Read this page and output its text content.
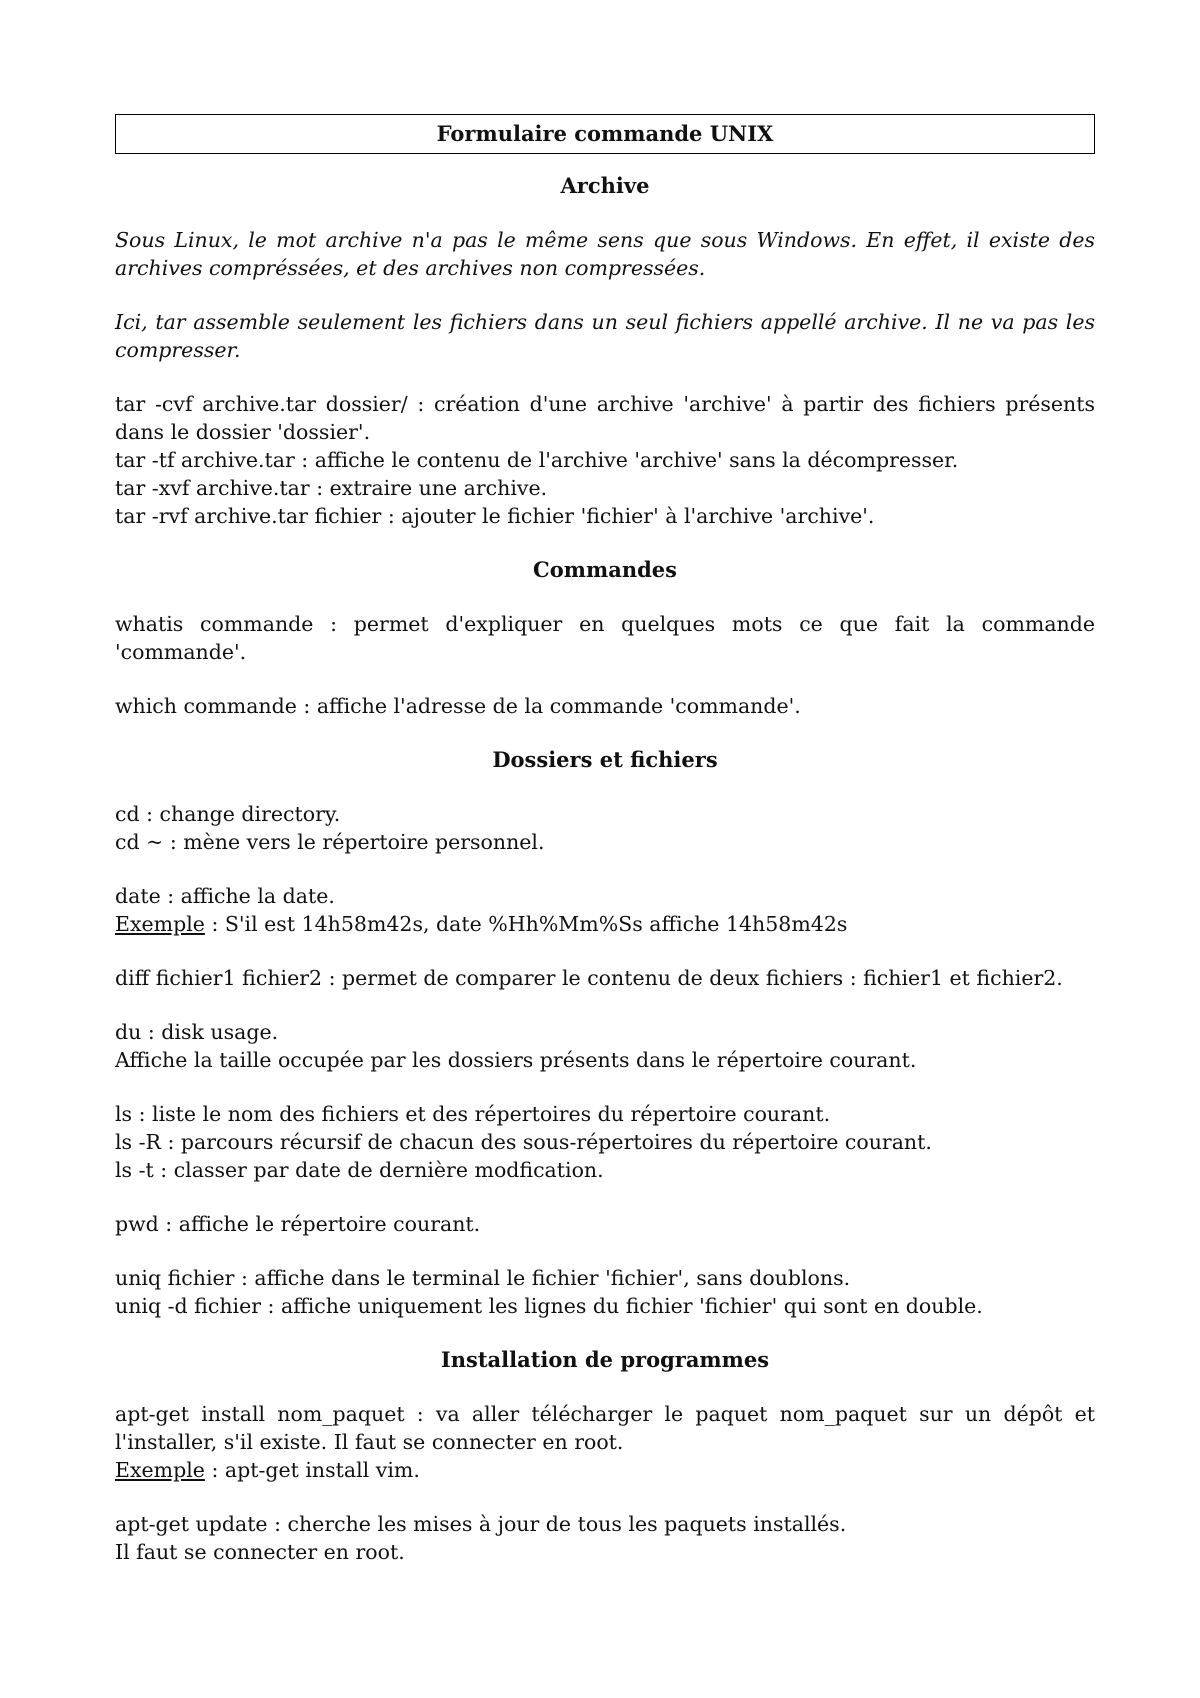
Formulaire commande UNIX
Archive

Sous Linux, le mot archive n'a pas le même sens que sous Windows. En effet, il existe des archives compréssées, et des archives non compressées.

Ici, tar assemble seulement les fichiers dans un seul fichiers appellé archive. Il ne va pas les compresser.

tar -cvf archive.tar dossier/ : création d'une archive 'archive' à partir des fichiers présents dans le dossier 'dossier'.
tar -tf archive.tar : affiche le contenu de l'archive 'archive' sans la décompresser.
tar -xvf archive.tar : extraire une archive.
tar -rvf archive.tar fichier : ajouter le fichier 'fichier' à l'archive 'archive'.

Commandes

whatis commande : permet d'expliquer en quelques mots ce que fait la commande 'commande'.

which commande : affiche l'adresse de la commande 'commande'.

Dossiers et fichiers

cd : change directory.
cd ~ : mène vers le répertoire personnel.

date : affiche la date.
Exemple : S'il est 14h58m42s, date %Hh%Mm%Ss affiche 14h58m42s

diff fichier1 fichier2 : permet de comparer le contenu de deux fichiers : fichier1 et fichier2.

du : disk usage.
Affiche la taille occupée par les dossiers présents dans le répertoire courant.

ls : liste le nom des fichiers et des répertoires du répertoire courant.
ls -R : parcours récursif de chacun des sous-répertoires du répertoire courant.
ls -t : classer par date de dernière modfication.

pwd : affiche le répertoire courant.

uniq fichier : affiche dans le terminal le fichier 'fichier', sans doublons.
uniq -d fichier : affiche uniquement les lignes du fichier 'fichier' qui sont en double.

Installation de programmes

apt-get install nom_paquet : va aller télécharger le paquet nom_paquet sur un dépôt et l'installer, s'il existe. Il faut se connecter en root.
Exemple : apt-get install vim.

apt-get update : cherche les mises à jour de tous les paquets installés.
Il faut se connecter en root.
